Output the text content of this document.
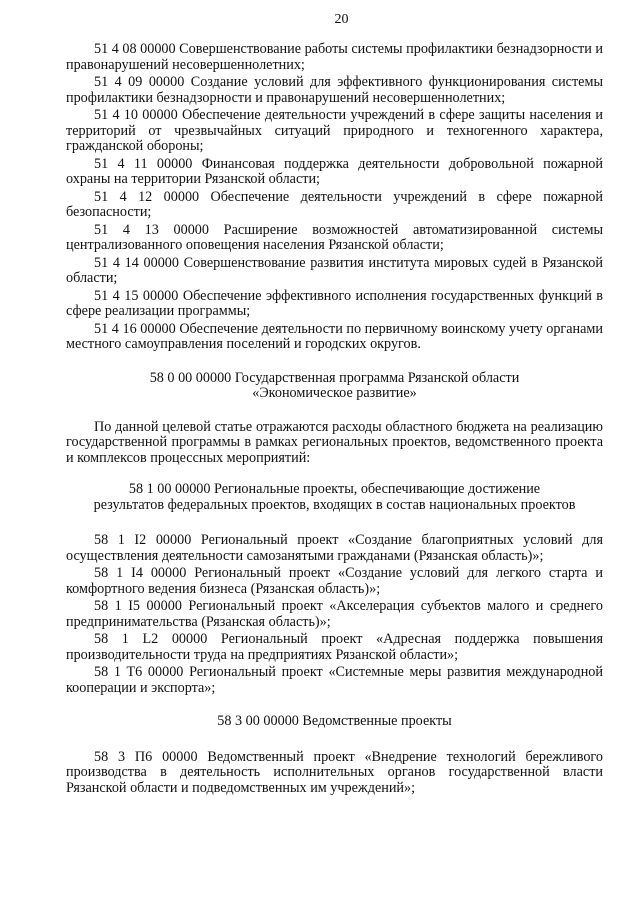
20

51 4 08 00000 Совершенствование работы системы профилактики безнадзорности и правонарушений несовершеннолетних;

51 4 09 00000 Создание условий для эффективного функционирования системы профилактики безнадзорности и правонарушений несовершеннолетних;

51 4 10 00000 Обеспечение деятельности учреждений в сфере защиты населения и территорий от чрезвычайных ситуаций природного и техногенного характера, гражданской обороны;

51 4 11 00000 Финансовая поддержка деятельности добровольной пожарной охраны на территории Рязанской области;

51 4 12 00000 Обеспечение деятельности учреждений в сфере пожарной безопасности;

51 4 13 00000 Расширение возможностей автоматизированной системы централизованного оповещения населения Рязанской области;

51 4 14 00000 Совершенствование развития института мировых судей в Рязанской области;

51 4 15 00000 Обеспечение эффективного исполнения государственных функций в сфере реализации программы;

51 4 16 00000 Обеспечение деятельности по первичному воинскому учету органами местного самоуправления поселений и городских округов.

58 0 00 00000 Государственная программа Рязанской области

«Экономическое развитие»

По данной целевой статье отражаются расходы областного бюджета на реализацию государственной программы в рамках региональных проектов, ведомственного проекта и комплексов процессных мероприятий:

58 1 00 00000 Региональные проекты, обеспечивающие достижение

результатов федеральных проектов, входящих в состав национальных проектов

58 1 I2 00000 Региональный проект «Создание благоприятных условий для осуществления деятельности самозанятыми гражданами (Рязанская область)»;

58 1 I4 00000 Региональный проект «Создание условий для легкого старта и комфортного ведения бизнеса (Рязанская область)»;

58 1 I5 00000 Региональный проект «Акселерация субъектов малого и среднего предпринимательства (Рязанская область)»;

58 1 L2 00000 Региональный проект «Адресная поддержка повышения производительности труда на предприятиях Рязанской области»;

58 1 T6 00000 Региональный проект «Системные меры развития международной кооперации и экспорта»;

58 3 00 00000 Ведомственные проекты

58 3 П6 00000 Ведомственный проект «Внедрение технологий бережливого производства в деятельность исполнительных органов государственной власти Рязанской области и подведомственных им учреждений»;
